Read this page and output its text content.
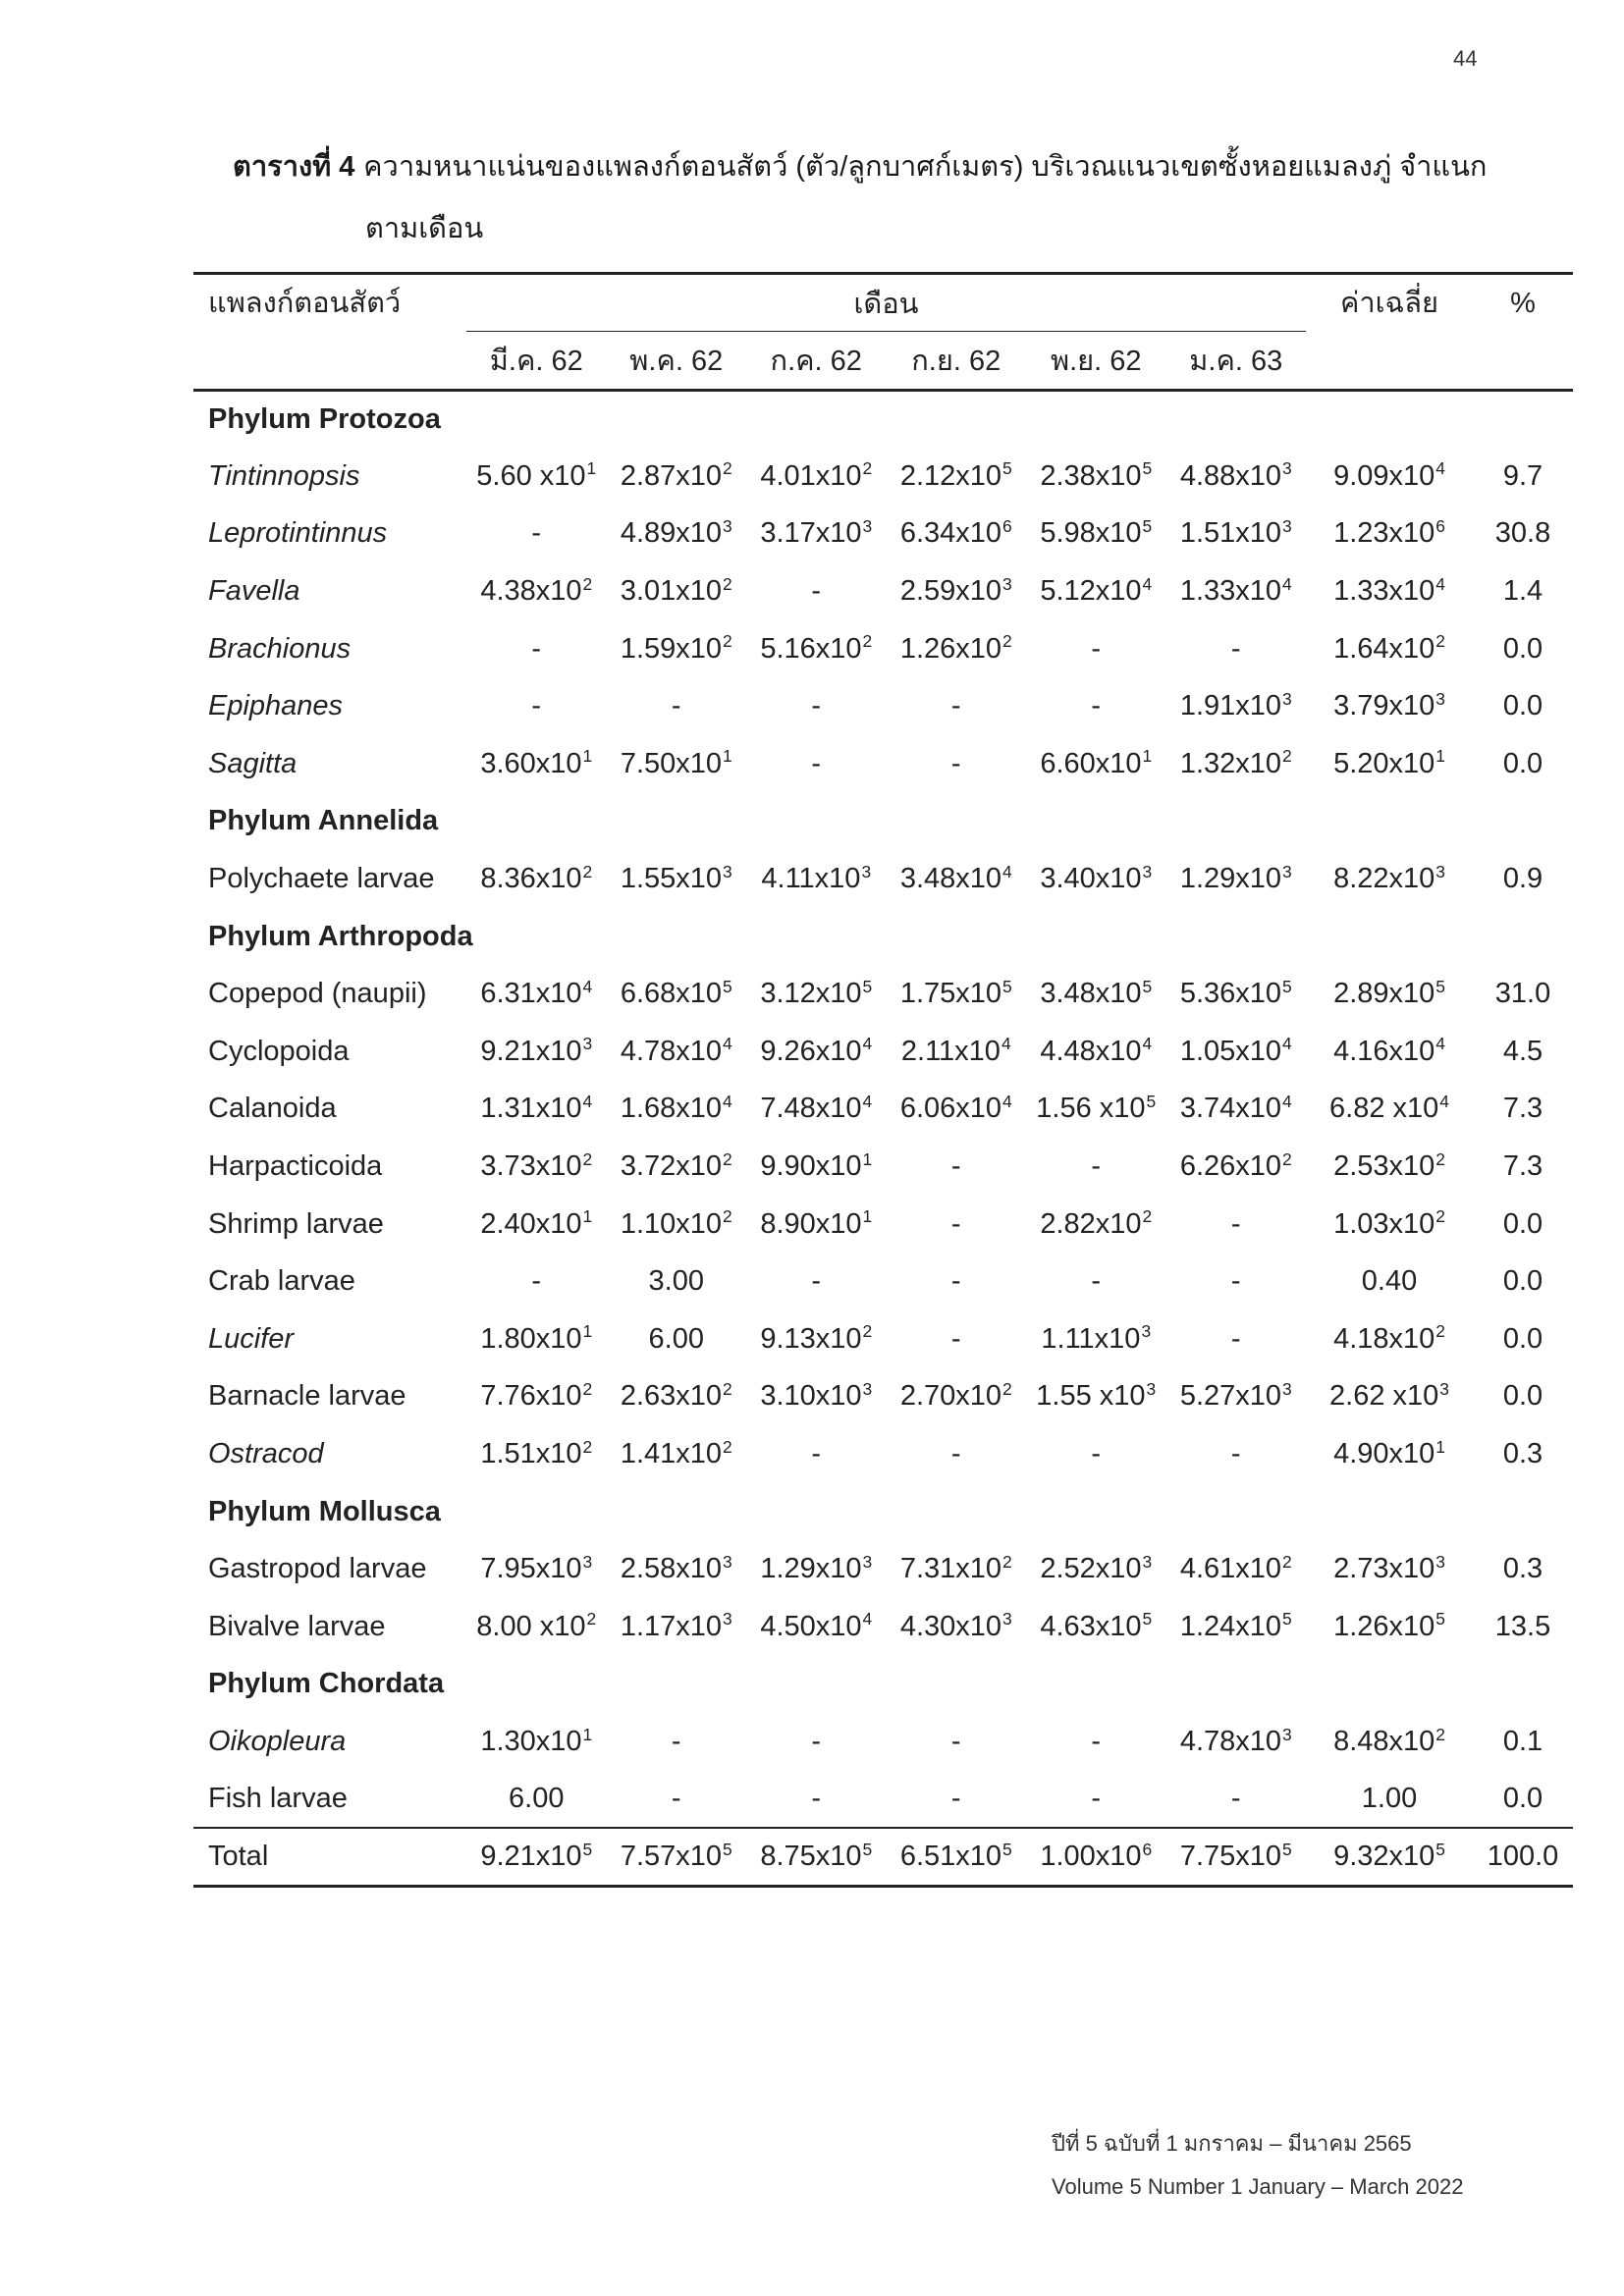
44
ตารางที่ 4 ความหนาแน่นของแพลงก์ตอนสัตว์ (ตัว/ลูกบาศก์เมตร) บริเวณแนวเขตซั้งหอยแมลงภู่ จำแนก
ตามเดือน
แพลงก์ตอนสัตว์	เดือน						ค่าเฉลี่ย	%
	มี.ค. 62	พ.ค. 62	ก.ค. 62	ก.ย. 62	พ.ย. 62	ม.ค. 63		
Phylum Protozoa								
Tintinnopsis	5.60 $x10^1$	$2.87x10^2$	$4.01x10^2$	$2.12x10^5$	$2.38x10^5$	$4.88x10^3$	$9.09x10^4$	9.7
Leprotintinnus	-	$4.89x10^3$	$3.17x10^3$	$6.34x10^6$	$5.98x10^5$	$1.51x10^3$	$1.23x10^6$	30.8
Favella	$4.38x10^2$	$3.01x10^2$	-	$2.59x10^3$	$5.12x10^4$	$1.33x10^4$	$1.33x10^4$	1.4
Brachionus	-	$1.59x10^2$	$5.16x10^2$	$1.26x10^2$	-	-	$1.64x10^2$	0.0
Epiphanes	-	-	-	-	-	$1.91x10^3$	$3.79x10^3$	0.0
Sagitta	$3.60x10^1$	$7.50x10^1$	-	-	$6.60x10^1$	$1.32x10^2$	$5.20x10^1$	0.0
Phylum Annelida								
Polychaete larvae	$8.36x10^2$	$1.55x10^3$	$4.11x10^3$	$3.48x10^4$	$3.40x10^3$	$1.29x10^3$	$8.22x10^3$	0.9
Phylum Arthropoda								
Copepod (naupii)	$6.31x10^4$	$6.68x10^5$	$3.12x10^5$	$1.75x10^5$	$3.48x10^5$	$5.36x10^5$	$2.89x10^5$	31.0
Cyclopoida	$9.21x10^3$	$4.78x10^4$	$9.26x10^4$	$2.11x10^4$	$4.48x10^4$	$1.05x10^4$	$4.16x10^4$	4.5
Calanoida	$1.31x10^4$	$1.68x10^4$	$7.48x10^4$	$6.06x10^4$	1.56 $x10^5$	$3.74x10^4$	6.82 $x10^4$	7.3
Harpacticoida	$3.73x10^2$	$3.72x10^2$	$9.90x10^1$	-	-	$6.26x10^2$	$2.53x10^2$	7.3
Shrimp larvae	$2.40x10^1$	$1.10x10^2$	$8.90x10^1$	-	$2.82x10^2$	-	$1.03x10^2$	0.0
Crab larvae	-	3.00	-	-	-	-	0.40	0.0
Lucifer	$1.80x10^1$	6.00	$9.13x10^2$	-	$1.11x10^3$	-	$4.18x10^2$	0.0
Barnacle larvae	$7.76x10^2$	$2.63x10^2$	$3.10x10^3$	$2.70x10^2$	1.55 $x10^3$	$5.27x10^3$	2.62 $x10^3$	0.0
Ostracod	$1.51x10^2$	$1.41x10^2$	-	-	-	-	$4.90x10^1$	0.3
Phylum Mollusca								
Gastropod larvae	$7.95x10^3$	$2.58x10^3$	$1.29x10^3$	$7.31x10^2$	$2.52x10^3$	$4.61x10^2$	$2.73x10^3$	0.3
Bivalve larvae	8.00 $x10^2$	$1.17x10^3$	$4.50x10^4$	$4.30x10^3$	$4.63x10^5$	$1.24x10^5$	$1.26x10^5$	13.5
Phylum Chordata								
Oikopleura	$1.30x10^1$	-	-	-	-	$4.78x10^3$	$8.48x10^2$	0.1
Fish larvae	6.00	-	-	-	-	-	1.00	0.0
Total	$9.21x10^5$	$7.57x10^5$	$8.75x10^5$	$6.51x10^5$	$1.00x10^6$	$7.75x10^5$	$9.32x10^5$	100.0
ปีที่ 5 ฉบับที่ 1 มกราคม – มีนาคม 2565
Volume 5 Number 1 January – March 2022
